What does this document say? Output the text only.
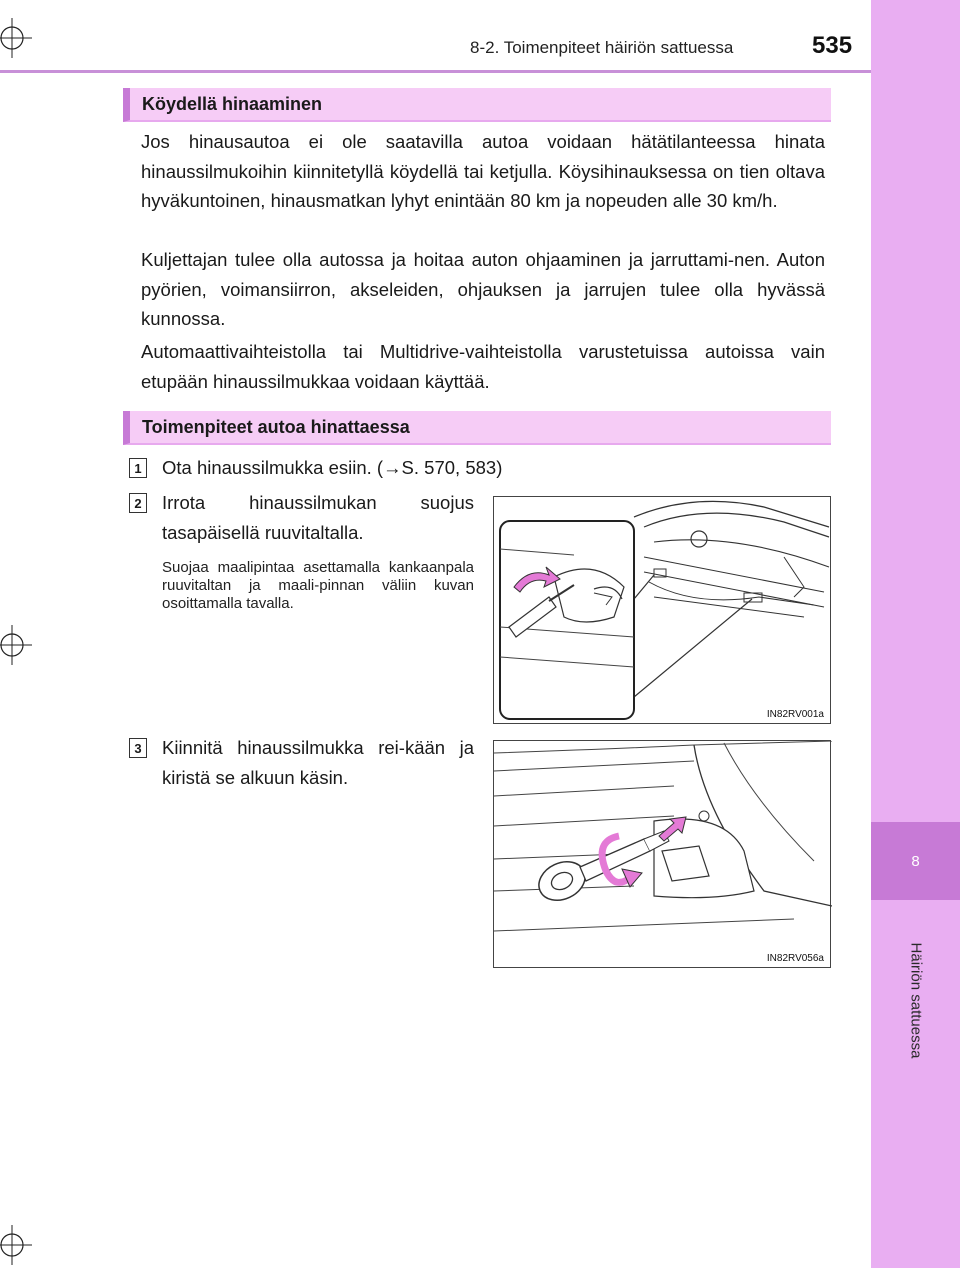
8
Häiriön sattuessa
8-2. Toimenpiteet häiriön sattuessa	535
Köydellä hinaaminen

Jos hinausautoa ei ole saatavilla autoa voidaan hätätilanteessa hinata hinaussilmukoihin kiinnitetyllä köydellä tai ketjulla. Köysihinauksessa on tien oltava hyväkuntoinen, hinausmatkan lyhyt enintään 80 km ja nopeuden alle 30 km/h.

Kuljettajan tulee olla autossa ja hoitaa auton ohjaaminen ja jarruttami-nen. Auton pyörien, voimansiirron, akseleiden, ohjauksen ja jarrujen tulee olla hyvässä kunnossa.

Automaattivaihteistolla tai Multidrive-vaihteistolla varustetuissa autoissa vain etupään hinaussilmukkaa voidaan käyttää.

Toimenpiteet autoa hinattaessa
1 Ota hinaussilmukka esiin. (→S. 570, 583)

2 Irrota hinaussilmukan suojus tasapäisellä ruuvitaltalla.

Suojaa maalipintaa asettamalla kankaanpala ruuvitaltan ja maali-pinnan väliin kuvan osoittamalla tavalla.

3 Kiinnitä hinaussilmukka rei-kään ja kiristä se alkuun käsin.

IN82RV001a
IN82RV056a
